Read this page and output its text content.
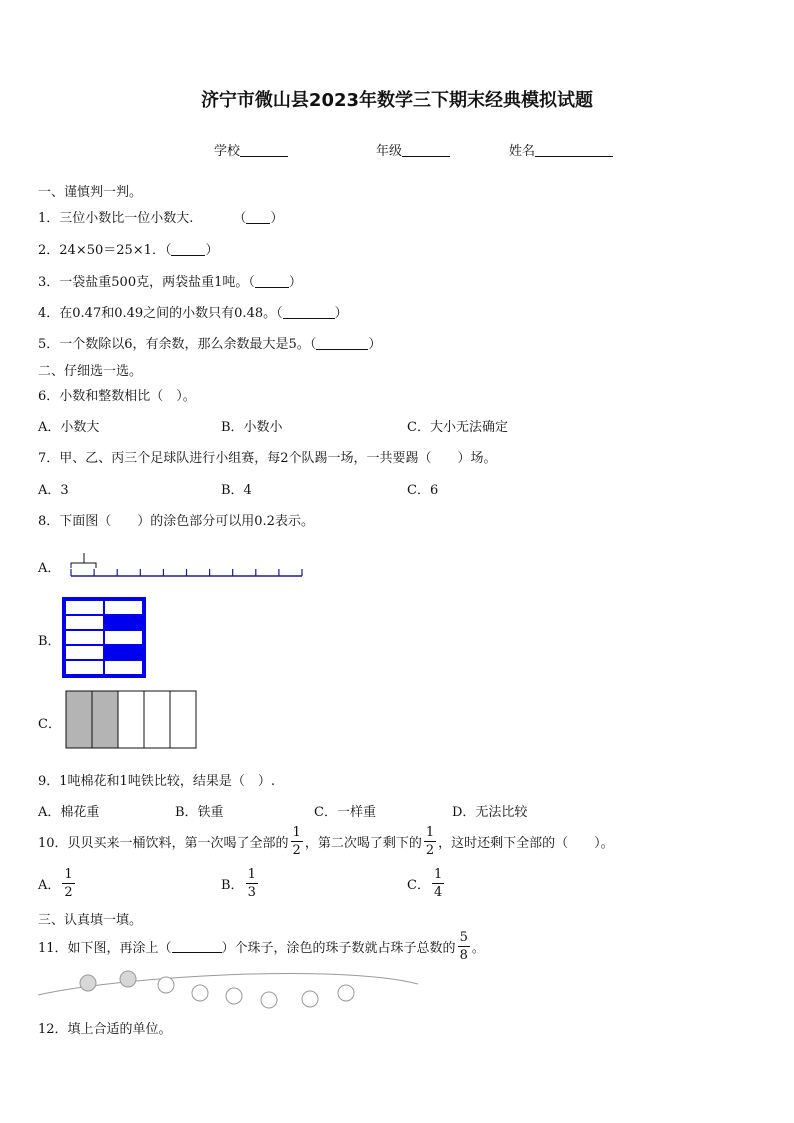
济宁市微山县2023年数学三下期末经典模拟试题
学校	年级	姓名
一、谨慎判一判。
1．三位小数比一位小数大.	（ ）
2．24×50＝25×1．（	）
3．一袋盐重500克，两袋盐重1吨。（	）
4．在0.47和0.49之间的小数只有0.48。（	）
5．一个数除以6，有余数，那么余数最大是5。（	）
二、仔细选一选。
6．小数和整数相比（　）。
A．小数大	B．小数小	C．大小无法确定
7．甲、乙、丙三个足球队进行小组赛，每2个队踢一场，一共要踢（　　）场。
A．3	B．4	C．6
8．下面图（　　）的涂色部分可以用0.2表示。
A．
B．
C．
9．1吨棉花和1吨铁比较，结果是（　）.
A．棉花重	B．铁重	C．一样重	D．无法比较
10．贝贝买来一桶饮料，第一次喝了全部的 $\frac{1}{2}$ ，第二次喝了剩下的 $\frac{1}{2}$ ，这时还剩下全部的（　　）。
A． $\frac{1}{2}$	B． $\frac{1}{3}$	C． $\frac{1}{4}$
三、认真填一填。
11．如下图，再涂上（	）个珠子，涂色的珠子数就占珠子总数的 $\frac{5}{8}$ 。
12．填上合适的单位。
